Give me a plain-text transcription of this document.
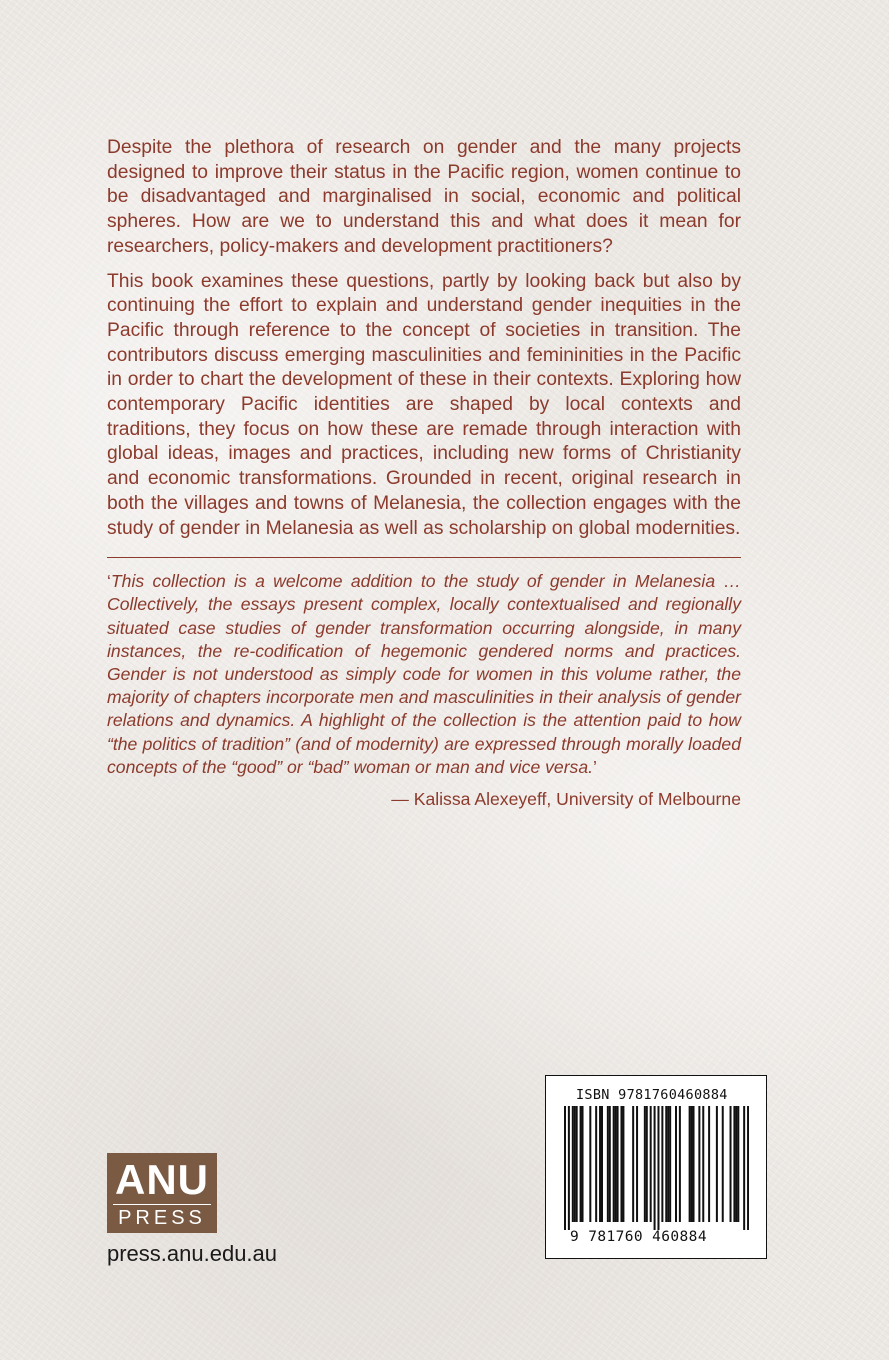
Despite the plethora of research on gender and the many projects designed to improve their status in the Pacific region, women continue to be disadvantaged and marginalised in social, economic and political spheres. How are we to understand this and what does it mean for researchers, policy-makers and development practitioners?

This book examines these questions, partly by looking back but also by continuing the effort to explain and understand gender inequities in the Pacific through reference to the concept of societies in transition. The contributors discuss emerging masculinities and femininities in the Pacific in order to chart the development of these in their contexts. Exploring how contemporary Pacific identities are shaped by local contexts and traditions, they focus on how these are remade through interaction with global ideas, images and practices, including new forms of Christianity and economic transformations. Grounded in recent, original research in both the villages and towns of Melanesia, the collection engages with the study of gender in Melanesia as well as scholarship on global modernities.

‘This collection is a welcome addition to the study of gender in Melanesia … Collectively, the essays present complex, locally contextualised and regionally situated case studies of gender transformation occurring alongside, in many instances, the re-codification of hegemonic gendered norms and practices. Gender is not understood as simply code for women in this volume rather, the majority of chapters incorporate men and masculinities in their analysis of gender relations and dynamics. A highlight of the collection is the attention paid to how “the politics of tradition” (and of modernity) are expressed through morally loaded concepts of the “good” or “bad” woman or man and vice versa.’

— Kalissa Alexeyeff, University of Melbourne

ANU
PRESS
press.anu.edu.au
ISBN 9781760460884
9 781760 460884
